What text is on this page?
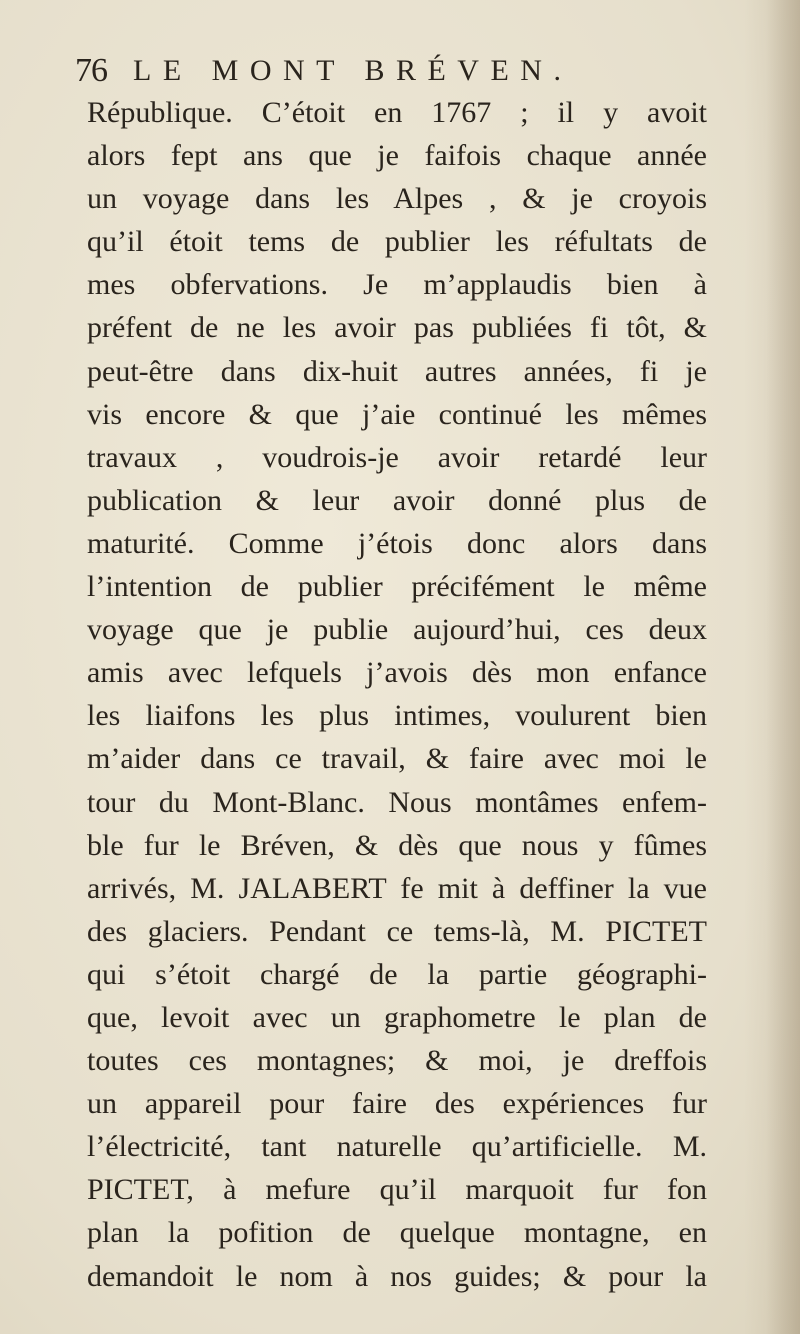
76 LE MONT BRÉVEN.
République. C’étoit en 1767 ; il y avoit
alors fept ans que je faifois chaque année
un voyage dans les Alpes , & je croyois
qu’il étoit tems de publier les réfultats de
mes obfervations. Je m’applaudis bien à
préfent de ne les avoir pas publiées fi tôt, &
peut-être dans dix-huit autres années, fi je
vis encore & que j’aie continué les mêmes
travaux , voudrois-je avoir retardé leur
publication & leur avoir donné plus de
maturité. Comme j’étois donc alors dans
l’intention de publier précifément le même
voyage que je publie aujourd’hui, ces deux
amis avec lefquels j’avois dès mon enfance
les liaifons les plus intimes, voulurent bien
m’aider dans ce travail, & faire avec moi le
tour du Mont-Blanc. Nous montâmes enfem-
ble fur le Bréven, & dès que nous y fûmes
arrivés, M. JALABERT fe mit à deffiner la vue
des glaciers. Pendant ce tems-là, M. PICTET
qui s’étoit chargé de la partie géographi-
que, levoit avec un graphometre le plan de
toutes ces montagnes; & moi, je dreffois
un appareil pour faire des expériences fur
l’électricité, tant naturelle qu’artificielle. M.
PICTET, à mefure qu’il marquoit fur fon
plan la pofition de quelque montagne, en
demandoit le nom à nos guides; & pour la
